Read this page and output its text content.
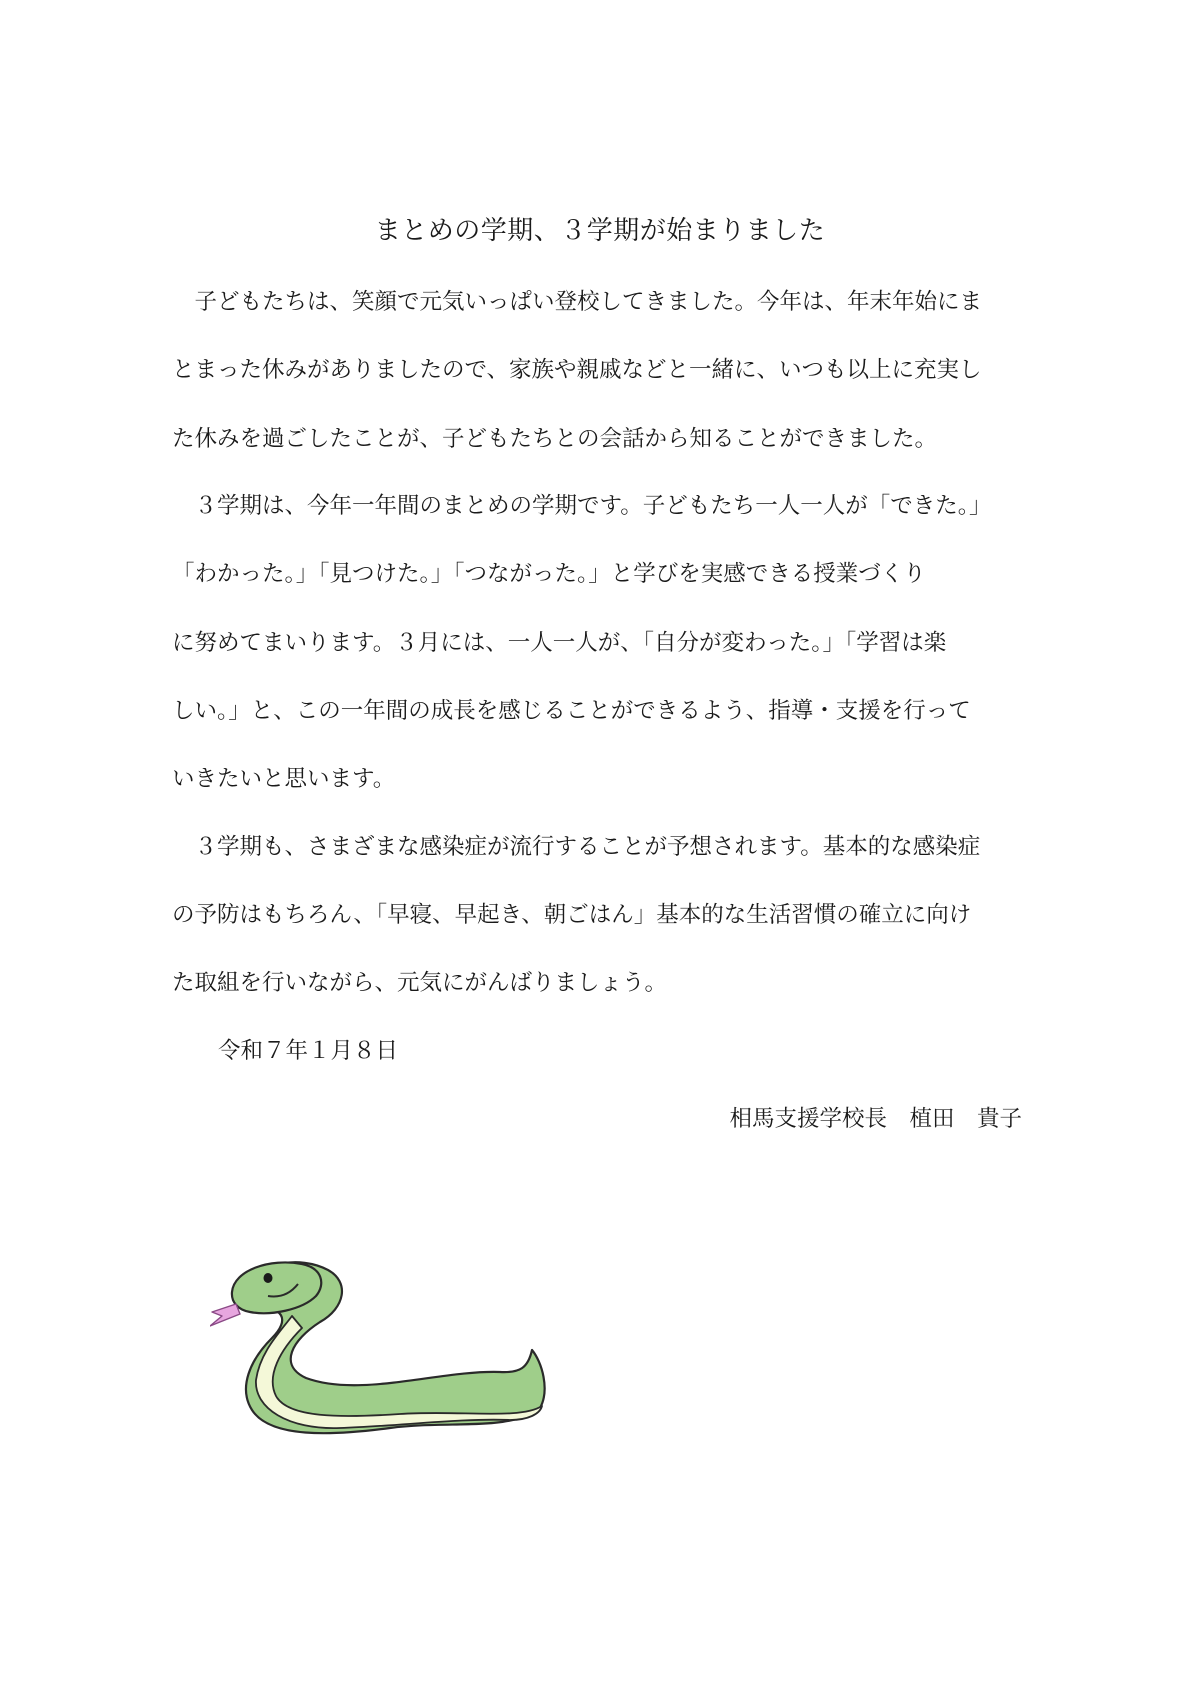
まとめの学期、３学期が始まりました
　子どもたちは、笑顔で元気いっぱい登校してきました。今年は、年末年始にま
とまった休みがありましたので、家族や親戚などと一緒に、いつも以上に充実し
た休みを過ごしたことが、子どもたちとの会話から知ることができました。
　３学期は、今年一年間のまとめの学期です。子どもたち一人一人が「できた。」
「わかった。」「見つけた。」「つながった。」と学びを実感できる授業づくり
に努めてまいります。３月には、一人一人が、「自分が変わった。」「学習は楽
しい。」と、この一年間の成長を感じることができるよう、指導・支援を行って
いきたいと思います。
　３学期も、さまざまな感染症が流行することが予想されます。基本的な感染症
の予防はもちろん、「早寝、早起き、朝ごはん」基本的な生活習慣の確立に向け
た取組を行いながら、元気にがんばりましょう。
令和７年１月８日
相馬支援学校長　植田　貴子
